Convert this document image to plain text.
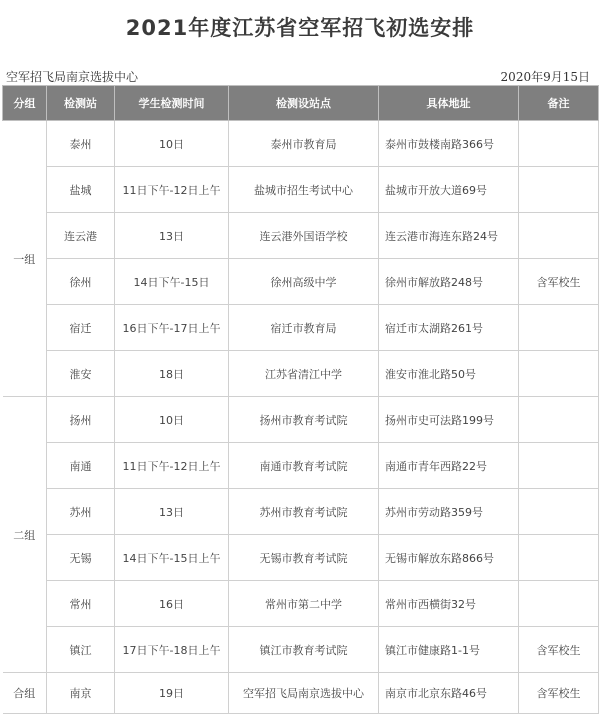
2021年度江苏省空军招飞初选安排
空军招飞局南京选拔中心	2020年9月15日
分组	检测站	学生检测时间	检测设站点	具体地址	备注
一组	泰州	10日	泰州市教育局	泰州市鼓楼南路366号	
	盐城	11日下午-12日上午	盐城市招生考试中心	盐城市开放大道69号	
	连云港	13日	连云港外国语学校	连云港市海连东路24号	
	徐州	14日下午-15日	徐州高级中学	徐州市解放路248号	含军校生
	宿迁	16日下午-17日上午	宿迁市教育局	宿迁市太湖路261号	
	淮安	18日	江苏省清江中学	淮安市淮北路50号	
二组	扬州	10日	扬州市教育考试院	扬州市史可法路199号	
	南通	11日下午-12日上午	南通市教育考试院	南通市青年西路22号	
	苏州	13日	苏州市教育考试院	苏州市劳动路359号	
	无锡	14日下午-15日上午	无锡市教育考试院	无锡市解放东路866号	
	常州	16日	常州市第二中学	常州市西横街32号	
	镇江	17日下午-18日上午	镇江市教育考试院	镇江市健康路1-1号	含军校生
合组	南京	19日	空军招飞局南京选拔中心	南京市北京东路46号	含军校生
